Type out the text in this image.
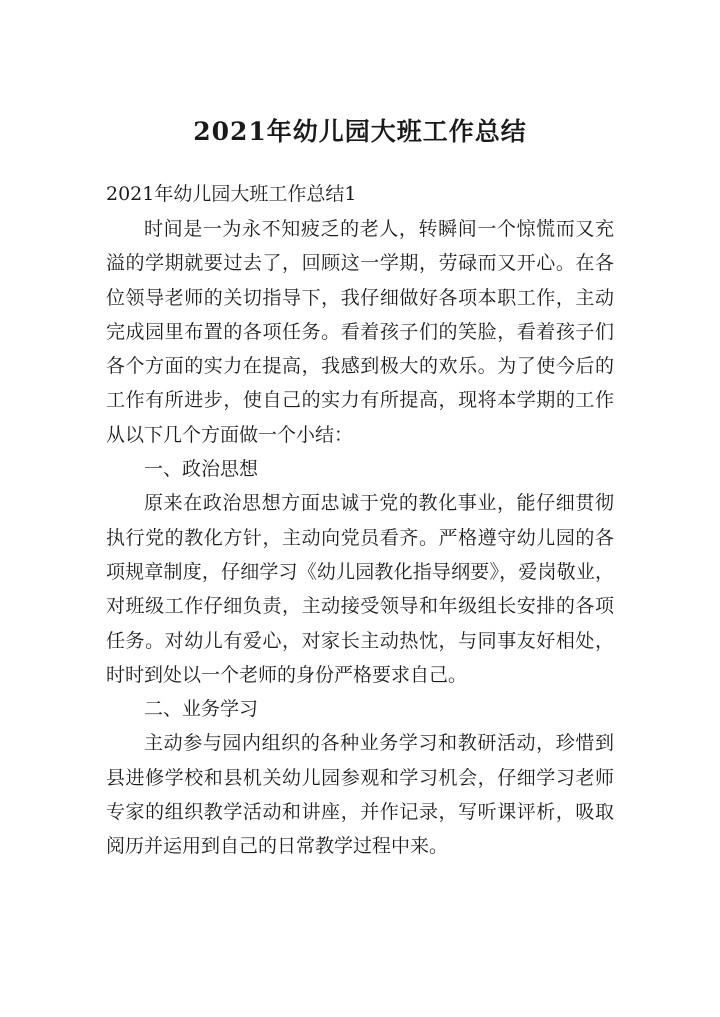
2021年幼儿园大班工作总结
2021年幼儿园大班工作总结1

时间是一为永不知疲乏的老人，转瞬间一个惊慌而又充溢的学期就要过去了，回顾这一学期，劳碌而又开心。在各位领导老师的关切指导下，我仔细做好各项本职工作，主动完成园里布置的各项任务。看着孩子们的笑脸，看着孩子们各个方面的实力在提高，我感到极大的欢乐。为了使今后的工作有所进步，使自己的实力有所提高，现将本学期的工作从以下几个方面做一个小结：

一、政治思想

原来在政治思想方面忠诚于党的教化事业，能仔细贯彻执行党的教化方针，主动向党员看齐。严格遵守幼儿园的各项规章制度，仔细学习《幼儿园教化指导纲要》，爱岗敬业，对班级工作仔细负责，主动接受领导和年级组长安排的各项任务。对幼儿有爱心，对家长主动热忱，与同事友好相处，时时到处以一个老师的身份严格要求自己。

二、业务学习

主动参与园内组织的各种业务学习和教研活动，珍惜到县进修学校和县机关幼儿园参观和学习机会，仔细学习老师专家的组织教学活动和讲座，并作记录，写听课评析，吸取阅历并运用到自己的日常教学过程中来。
